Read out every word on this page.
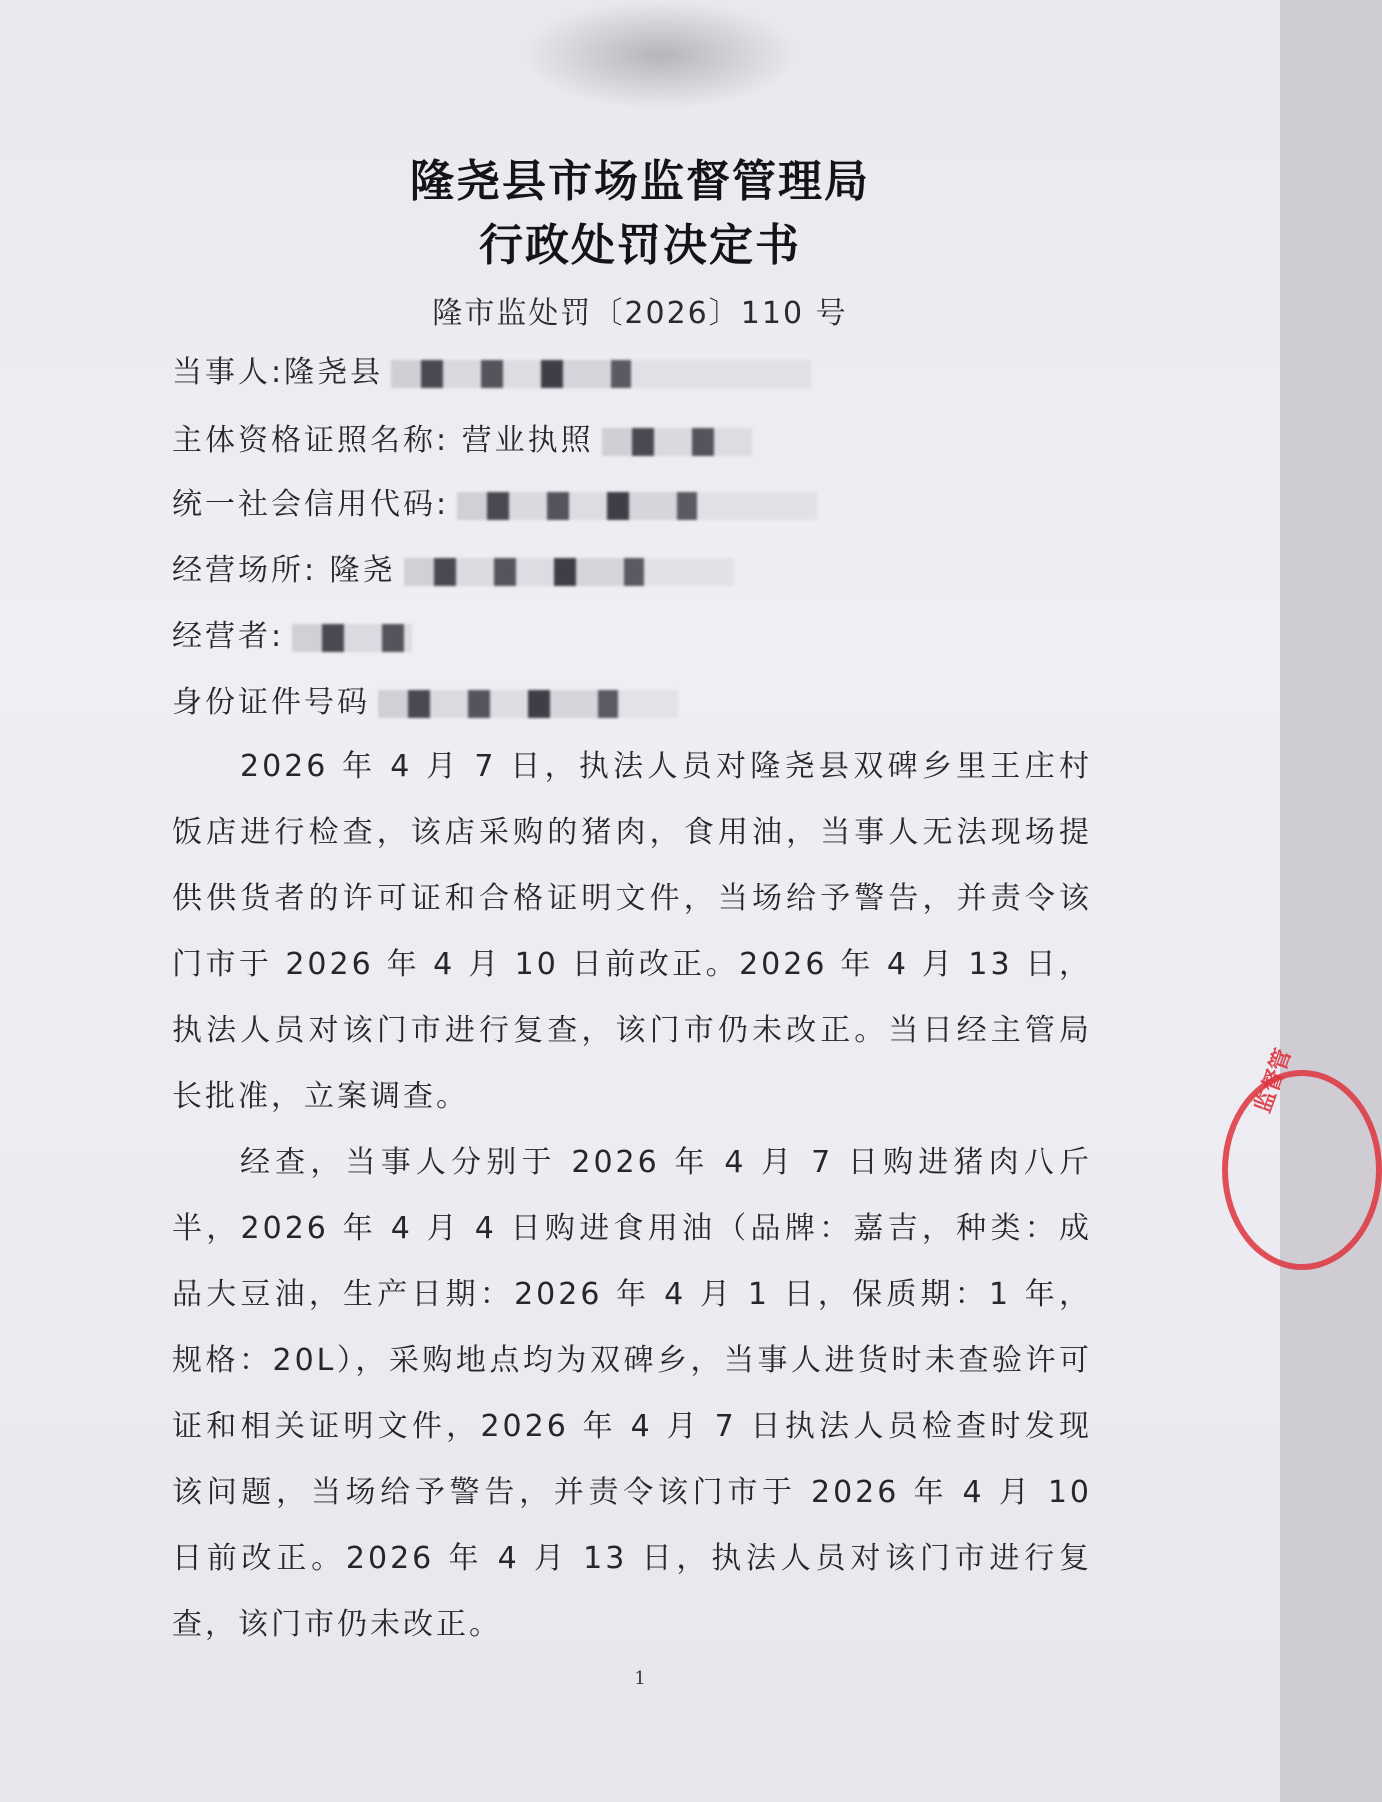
隆尧县市场监督管理局
行政处罚决定书
隆市监处罚〔2026〕110 号
当事人:隆尧县
主体资格证照名称: 营业执照
统一社会信用代码:
经营场所: 隆尧
经营者:
身份证件号码
2026 年 4 月 7 日，执法人员对隆尧县双碑乡里王庄村饭店进行检查，该店采购的猪肉，食用油，当事人无法现场提供供货者的许可证和合格证明文件，当场给予警告，并责令该门市于 2026 年 4 月 10 日前改正。2026 年 4 月 13 日，执法人员对该门市进行复查，该门市仍未改正。当日经主管局长批准，立案调查。
经查，当事人分别于 2026 年 4 月 7 日购进猪肉八斤半，2026 年 4 月 4 日购进食用油（品牌：嘉吉，种类：成品大豆油，生产日期：2026 年 4 月 1 日，保质期：1 年，规格：20L），采购地点均为双碑乡，当事人进货时未查验许可证和相关证明文件，2026 年 4 月 7 日执法人员检查时发现该问题，当场给予警告，并责令该门市于 2026 年 4 月 10 日前改正。2026 年 4 月 13 日，执法人员对该门市进行复查，该门市仍未改正。
1
监督管
